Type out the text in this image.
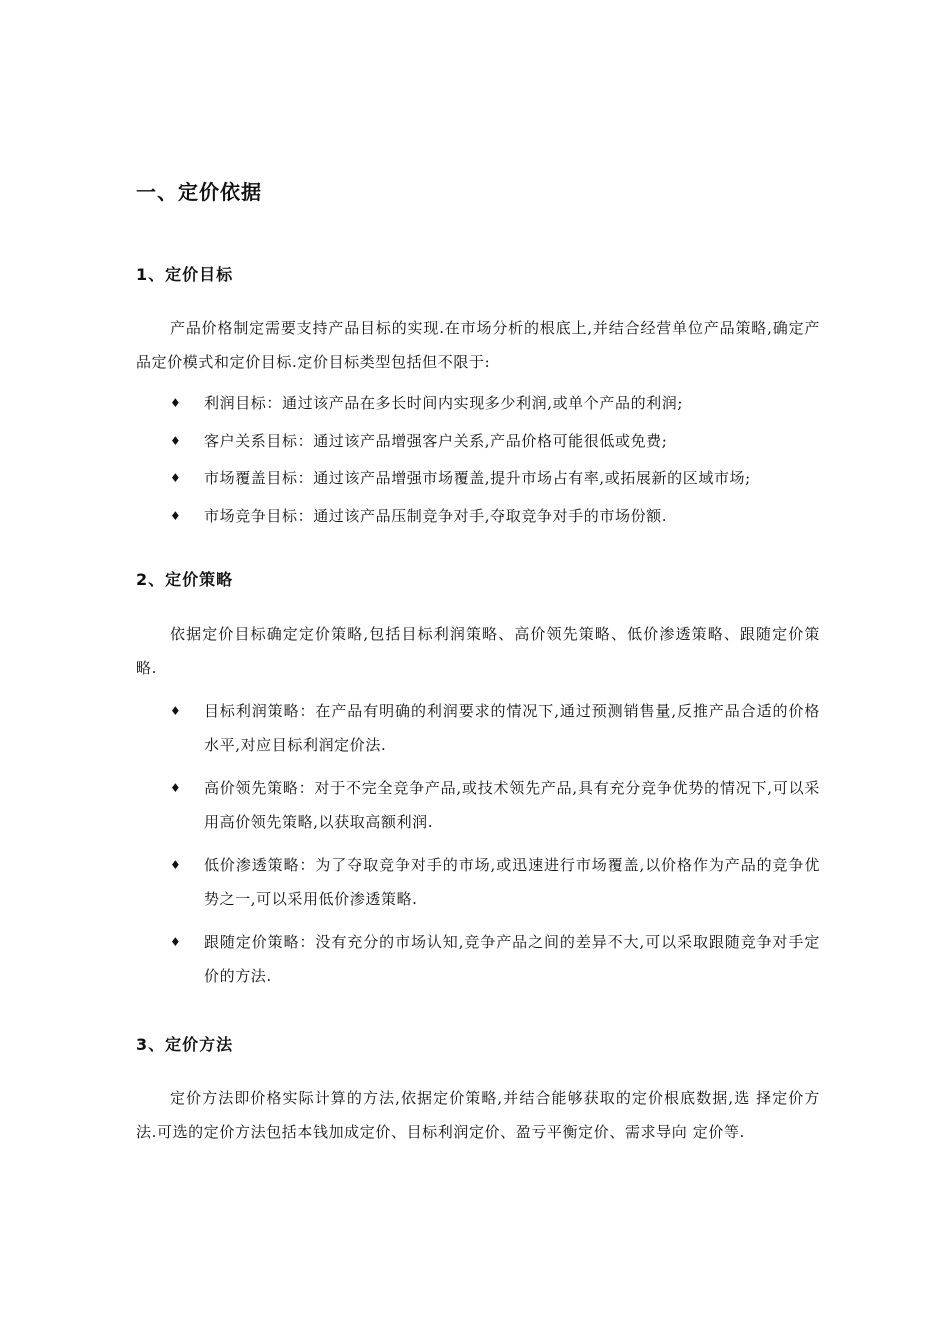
一、定价依据
1、定价目标
产品价格制定需要支持产品目标的实现.在市场分析的根底上,并结合经营单位产品策略,确定产品定价模式和定价目标.定价目标类型包括但不限于:
♦ 利润目标：通过该产品在多长时间内实现多少利润,或单个产品的利润;
♦ 客户关系目标：通过该产品增强客户关系,产品价格可能很低或免费;
♦ 市场覆盖目标：通过该产品增强市场覆盖,提升市场占有率,或拓展新的区域市场;
♦ 市场竞争目标：通过该产品压制竞争对手,夺取竞争对手的市场份额.
2、定价策略
依据定价目标确定定价策略,包括目标利润策略、高价领先策略、低价渗透策略、跟随定价策略.
♦ 目标利润策略：在产品有明确的利润要求的情况下,通过预测销售量,反推产品合适的价格水平,对应目标利润定价法.
♦ 高价领先策略：对于不完全竞争产品,或技术领先产品,具有充分竞争优势的情况下,可以采用高价领先策略,以获取高额利润.
♦ 低价渗透策略：为了夺取竞争对手的市场,或迅速进行市场覆盖,以价格作为产品的竞争优势之一,可以采用低价渗透策略.
♦ 跟随定价策略：没有充分的市场认知,竞争产品之间的差异不大,可以采取跟随竞争对手定价的方法.
3、定价方法
定价方法即价格实际计算的方法,依据定价策略,并结合能够获取的定价根底数据,选 择定价方法.可选的定价方法包括本钱加成定价、目标利润定价、盈亏平衡定价、需求导向 定价等.
